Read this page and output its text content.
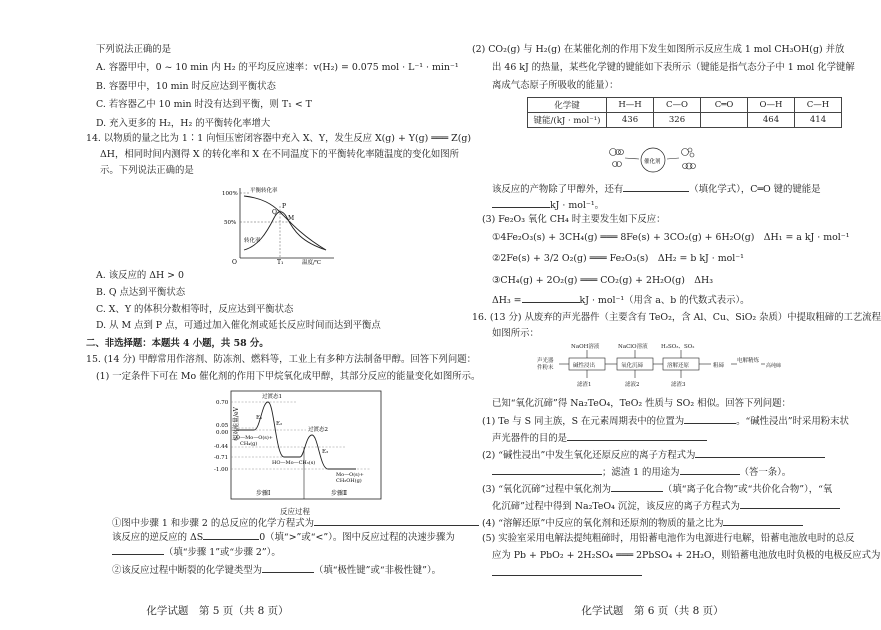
下列说法正确的是
A. 容器甲中，0 ~ 10 min 内 H₂ 的平均反应速率：v(H₂) = 0.075 mol · L⁻¹ · min⁻¹
B. 容器甲中，10 min 时反应达到平衡状态
C. 若容器乙中 10 min 时没有达到平衡，则 T₁ < T
D. 充入更多的 H₂，H₂ 的平衡转化率增大
14. 以物质的量之比为 1∶1 向恒压密闭容器中充入 X、Y，发生反应 X(g) + Y(g) ═══ Z(g)
ΔH，相同时间内测得 X 的转化率和 X 在不同温度下的平衡转化率随温度的变化如图所
示。下列说法正确的是
100%
50%
平衡转化率
转化率
P
Q
M
O	T₁	温度/℃
A. 该反应的 ΔH > 0
B. Q 点达到平衡状态
C. X、Y 的体积分数相等时，反应达到平衡状态
D. 从 M 点到 P 点，可通过加入催化剂或延长反应时间而达到平衡点
二、非选择题：本题共 4 小题，共 58 分。
15. (14 分) 甲醇常用作溶剂、防冻剂、燃料等，工业上有多种方法制备甲醇。回答下列问题：
(1) 一定条件下可在 Mo 催化剂的作用下甲烷氧化成甲醇，其部分反应的能量变化如图所示。
相对能量/eV
0.70
0.05
0.00
-0.44
-0.71
-1.00
过渡态1
过渡态2
E₁
E₂
E₃
O—Mo—O(s)+
CH₄(g)
HO—Mo—CH₃(s)
Mo—O(s)+
CH₃OH(g)
步骤Ⅰ	步骤Ⅱ
反应过程
①图中步骤 1 和步骤 2 的总反应的化学方程式为
该反应的逆反应的 ΔS	0（填“>”或“<”）。图中反应过程的决速步骤为
（填“步骤 1”或“步骤 2”）。
②该反应过程中断裂的化学键类型为	（填“极性键”或“非极性键”）。
化学试题　第 5 页（共 8 页）
(2) CO₂(g) 与 H₂(g) 在某催化剂的作用下发生如图所示反应生成 1 mol CH₃OH(g) 并放
出 46 kJ 的热量，某些化学键的键能如下表所示（键能是指气态分子中 1 mol 化学键解
离成气态原子所吸收的能量）：
化学键	H—H	C—O	C═O	O—H	C—H
键能/(kJ · mol⁻¹)	436	326		464	414
催化剂
该反应的产物除了甲醇外，还有	（填化学式），C═O 键的键能是
kJ · mol⁻¹。
(3) Fe₂O₃ 氧化 CH₄ 时主要发生如下反应：
①4Fe₂O₃(s) + 3CH₄(g) ═══ 8Fe(s) + 3CO₂(g) + 6H₂O(g)　ΔH₁ = a kJ · mol⁻¹
②2Fe(s) + 3/2 O₂(g) ═══ Fe₂O₃(s)　ΔH₂ = b kJ · mol⁻¹
③CH₄(g) + 2O₂(g) ═══ CO₂(g) + 2H₂O(g)　ΔH₃
ΔH₃ =	kJ · mol⁻¹（用含 a、b 的代数式表示）。
16. (13 分) 从废弃的声光器件（主要含有 TeO₂，含 Al、Cu、SiO₂ 杂质）中提取粗碲的工艺流程
如图所示：
声光器
件粉末
NaOH溶液	NaClO溶液 H₂SO₃、SO₂
碱性浸出	氧化沉碲	溶解还原	粗碲
电解精炼
高纯碲
滤渣1	滤液2	滤渣3
已知“氧化沉碲”得 Na₂TeO₄，TeO₂ 性质与 SO₂ 相似。回答下列问题：
(1) Te 与 S 同主族，S 在元素周期表中的位置为	。“碱性浸出”时采用粉末状
声光器件的目的是
(2) “碱性浸出”中发生氧化还原反应的离子方程式为
；滤渣 1 的用途为	（答一条）。
(3) “氧化沉碲”过程中氧化剂为	（填“离子化合物”或“共价化合物”），“氧
化沉碲”过程中得到 Na₂TeO₄ 沉淀，该反应的离子方程式为
(4) “溶解还原”中反应的氧化剂和还原剂的物质的量之比为
(5) 实验室采用电解法提纯粗碲时，用铅蓄电池作为电源进行电解，铅蓄电池放电时的总反
应为 Pb + PbO₂ + 2H₂SO₄ ═══ 2PbSO₄ + 2H₂O，则铅蓄电池放电时负极的电极反应式为
化学试题　第 6 页（共 8 页）
